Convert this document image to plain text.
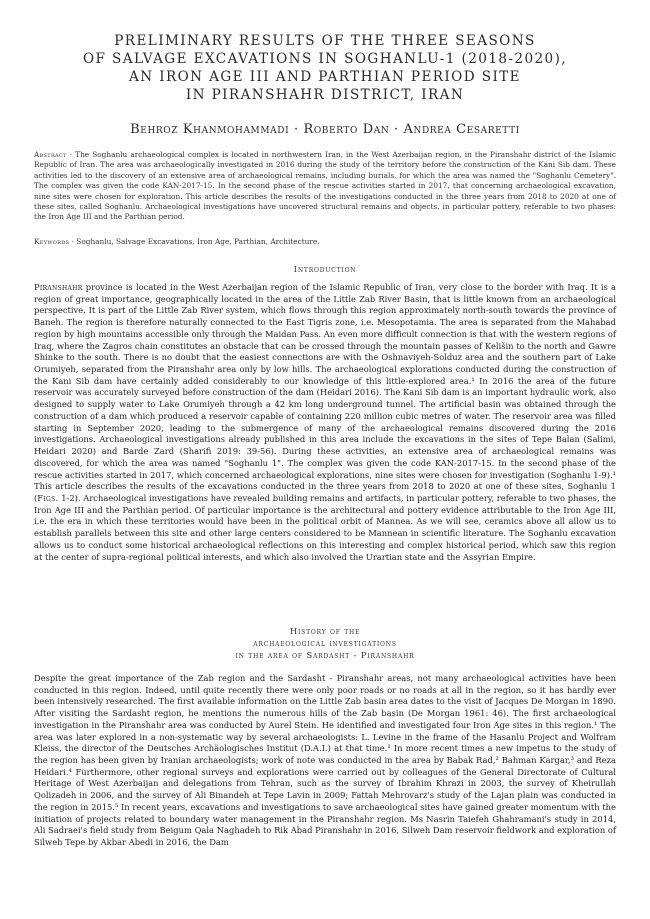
PRELIMINARY RESULTS OF THE THREE SEASONS
OF SALVAGE EXCAVATIONS IN SOGHANLU-1 (2018-2020),
AN IRON AGE III AND PARTHIAN PERIOD SITE
IN PIRANSHAHR DISTRICT, IRAN
Behroz Khanmohammadi · Roberto Dan · Andrea Cesaretti
Abstract · The Soghanlu archaeological complex is located in northwestern Iran, in the West Azerbaijan region, in the Piranshahr district of the Islamic Republic of Iran. The area was archaeologically investigated in 2016 during the study of the territory before the construction of the Kani Sib dam. These activities led to the discovery of an extensive area of archaeological remains, including burials, for which the area was named the "Soghanlu Cemetery". The complex was given the code KAN-2017-15. In the second phase of the rescue activities started in 2017, that concerning archaeological excavation, nine sites were chosen for exploration. This article describes the results of the investigations conducted in the three years from 2018 to 2020 at one of these sites, called Soghanlu. Archaeological investigations have uncovered structural remains and objects, in particular pottery, referable to two phases: the Iron Age III and the Parthian period.
Keywords · Soghanlu, Salvage Excavations, Iron Age, Parthian, Architecture.
Introduction
Piranshahr province is located in the West Azerbaijan region of the Islamic Republic of Iran, very close to the border with Iraq. It is a region of great importance, geographically located in the area of the Little Zab River Basin, that is little known from an archaeological perspective. It is part of the Little Zab River system, which flows through this region approximately north-south towards the province of Baneh. The region is therefore naturally connected to the East Tigris zone, i.e. Mesopotamia. The area is separated from the Mahabad region by high mountains accessible only through the Maidan Pass. An even more difficult connection is that with the western regions of Iraq, where the Zagros chain constitutes an obstacle that can be crossed through the mountain passes of Kelišin to the north and Gawre Shinke to the south. There is no doubt that the easiest connections are with the Oshnaviyeh-Solduz area and the southern part of Lake Orumiyeh, separated from the Piranshahr area only by low hills. The archaeological explorations conducted during the construction of the Kani Sib dam have certainly added considerably to our knowledge of this little-explored area.¹ In 2016 the area of the future reservoir was accurately surveyed before construction of the dam (Heidari 2016). The Kani Sib dam is an important hydraulic work, also designed to supply water to Lake Orumiyeh through a 42 km long underground tunnel. The artificial basin was obtained through the construction of a dam which produced a reservoir capable of containing 220 million cubic metres of water. The reservoir area was filled starting in September 2020, leading to the submergence of many of the archaeological remains discovered during the 2016 investigations. Archaeological investigations already published in this area include the excavations in the sites of Tepe Balan (Salimi, Heidari 2020) and Barde Zard (Sharifi 2019: 39-56). During these activities, an extensive area of archaeological remains was discovered, for which the area was named "Soghanlu 1". The complex was given the code KAN-2017-15. In the second phase of the rescue activities started in 2017, which concerned archaeological explorations, nine sites were chosen for investigation (Soghanlu 1-9).¹ This article describes the results of the excavations conducted in the three years from 2018 to 2020 at one of these sites, Soghanlu 1 (Figs. 1-2). Archaeological investigations have revealed building remains and artifacts, in particular pottery, referable to two phases, the Iron Age III and the Parthian period. Of particular importance is the architectural and pottery evidence attributable to the Iron Age III, i.e. the era in which these territories would have been in the political orbit of Mannea. As we will see, ceramics above all allow us to establish parallels between this site and other large centers considered to be Mannean in scientific literature. The Soghanlu excavation allows us to conduct some historical archaeological reflections on this interesting and complex historical period, which saw this region at the center of supra-regional political interests, and which also involved the Urartian state and the Assyrian Empire.
History of the
archaeological investigations
in the area of Sardasht - Piranshahr
Despite the great importance of the Zab region and the Sardasht - Piranshahr areas, not many archaeological activities have been conducted in this region. Indeed, until quite recently there were only poor roads or no roads at all in the region, so it has hardly ever been intensively researched. The first available information on the Little Zab basin area dates to the visit of Jacques De Morgan in 1890. After visiting the Sardasht region, he mentions the numerous hills of the Zab basin (De Morgan 1961: 46). The first archaeological investigation in the Piranshahr area was conducted by Aurel Stein. He identified and investigated four Iron Age sites in this region.¹ The area was later explored in a non-systematic way by several archaeologists: L. Levine in the frame of the Hasanlu Project and Wolfram Kleiss, the director of the Deutsches Archäologisches Institut (D.A.I.) at that time.¹ In more recent times a new impetus to the study of the region has been given by Iranian archaeologists; work of note was conducted in the area by Babak Rad,² Bahman Kargar,³ and Reza Heidari.⁴ Furthermore, other regional surveys and explorations were carried out by colleagues of the General Directorate of Cultural Heritage of West Azerbaijan and delegations from Tehran, such as the survey of Ibrahim Khrazi in 2003, the survey of Kheirullah Qolizadeh in 2006, and the survey of Ali Binandeh at Tepe Lavin in 2009; Fattah Mehrovarz's study of the Lajan plain was conducted in the region in 2015.⁵ In recent years, excavations and investigations to save archaeological sites have gained greater momentum with the initiation of projects related to boundary water management in the Piranshahr region. Ms Nasrin Taiefeh Ghahramani's study in 2014, Ali Sadraei's field study from Beigum Qala Naghadeh to Rik Abad Piranshahr in 2016, Silweh Dam reservoir fieldwork and exploration of Silweh Tepe by Akbar Abedi in 2016, the Dam
